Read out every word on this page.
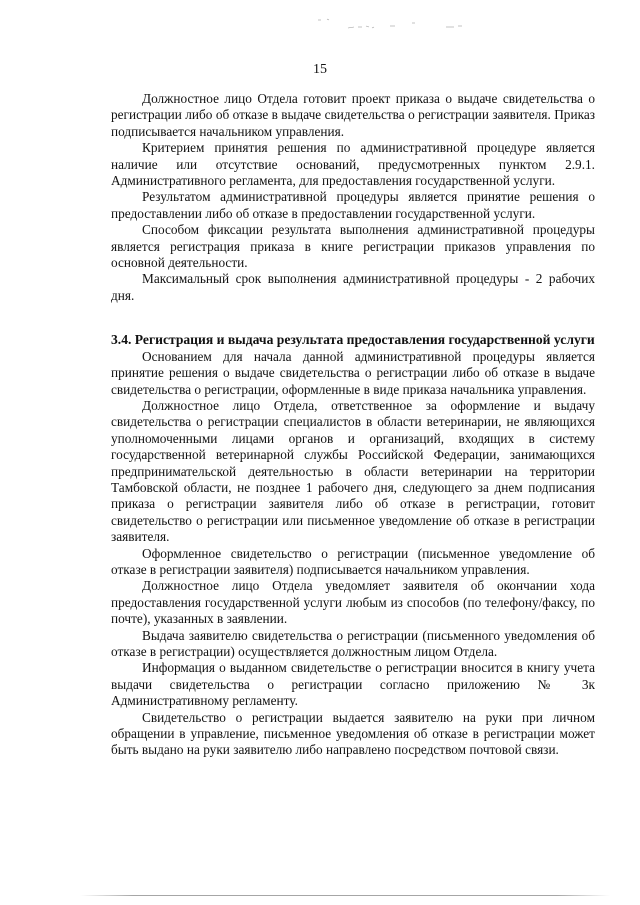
15

Должностное лицо Отдела готовит проект приказа о выдаче свидетельства о регистрации либо об отказе в выдаче свидетельства о регистрации заявителя. Приказ подписывается начальником управления.

Критерием принятия решения по административной процедуре является наличие или отсутствие оснований, предусмотренных пунктом 2.9.1. Административного регламента, для предоставления государственной услуги.

Результатом административной процедуры является принятие решения о предоставлении либо об отказе в предоставлении государственной услуги.

Способом фиксации результата выполнения административной процедуры является регистрация приказа в книге регистрации приказов управления по основной деятельности.

Максимальный срок выполнения административной процедуры - 2 рабочих дня.

3.4. Регистрация и выдача результата предоставления государственной услуги

Основанием для начала данной административной процедуры является принятие решения о выдаче свидетельства о регистрации либо об отказе в выдаче свидетельства о регистрации, оформленные в виде приказа начальника управления.

Должностное лицо Отдела, ответственное за оформление и выдачу свидетельства о регистрации специалистов в области ветеринарии, не являющихся уполномоченными лицами органов и организаций, входящих в систему государственной ветеринарной службы Российской Федерации, занимающихся предпринимательской деятельностью в области ветеринарии на территории Тамбовской области, не позднее 1 рабочего дня, следующего за днем подписания приказа о регистрации заявителя либо об отказе в регистрации, готовит свидетельство о регистрации или письменное уведомление об отказе в регистрации заявителя.

Оформленное свидетельство о регистрации (письменное уведомление об отказе в регистрации заявителя) подписывается начальником управления.

Должностное лицо Отдела уведомляет заявителя об окончании хода предоставления государственной услуги любым из способов (по телефону/факсу, по почте), указанных в заявлении.

Выдача заявителю свидетельства о регистрации (письменного уведомления об отказе в регистрации) осуществляется должностным лицом Отдела.

Информация о выданном свидетельстве о регистрации вносится в книгу учета выдачи свидетельства о регистрации согласно приложению № 3к Административному регламенту.

Свидетельство о регистрации выдается заявителю на руки при личном обращении в управление, письменное уведомления об отказе в регистрации может быть выдано на руки заявителю либо направлено посредством почтовой связи.
